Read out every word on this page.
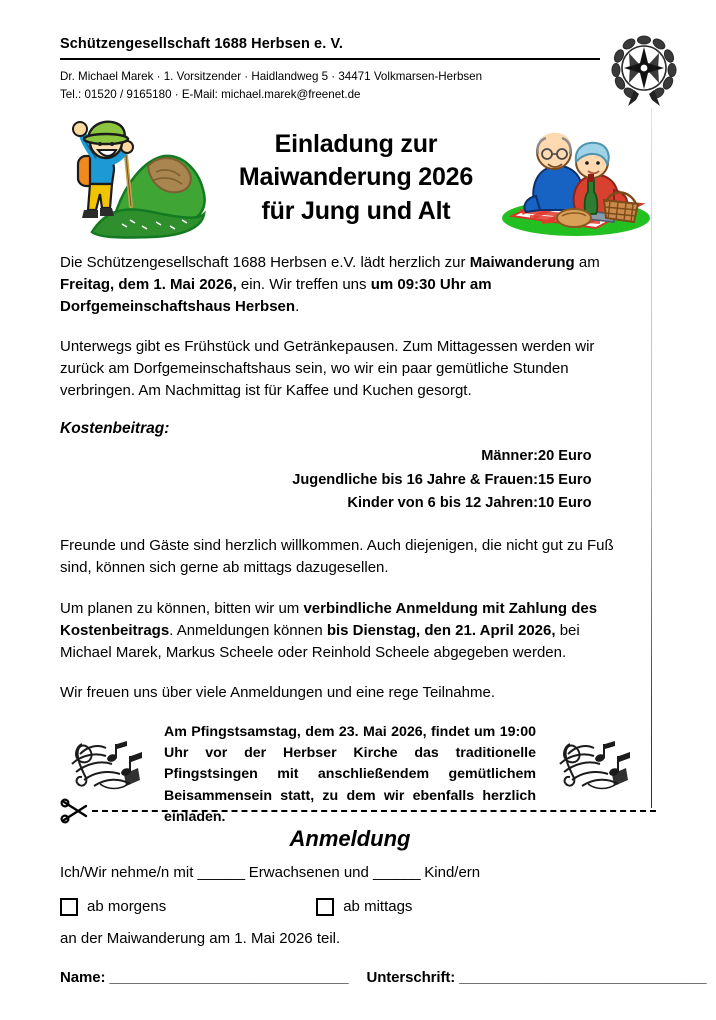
Schützengesellschaft 1688 Herbsen e. V.
Dr. Michael Marek · 1. Vorsitzender · Haidlandweg 5 · 34471 Volkmarsen-Herbsen
Tel.: 01520 / 9165180 · E-Mail: michael.marek@freenet.de
Einladung zur
Maiwanderung 2026
für Jung und Alt

Die Schützengesellschaft 1688 Herbsen e.V. lädt herzlich zur Maiwanderung am Freitag, dem 1. Mai 2026, ein. Wir treffen uns um 09:30 Uhr am Dorfgemeinschaftshaus Herbsen.

Unterwegs gibt es Frühstück und Getränkepausen. Zum Mittagessen werden wir zurück am Dorfgemeinschaftshaus sein, wo wir ein paar gemütliche Stunden verbringen. Am Nachmittag ist für Kaffee und Kuchen gesorgt.

Kostenbeitrag:
Männer:	20 Euro
Jugendliche bis 16 Jahre & Frauen:	15 Euro
Kinder von 6 bis 12 Jahren:	10 Euro

Freunde und Gäste sind herzlich willkommen. Auch diejenigen, die nicht gut zu Fuß sind, können sich gerne ab mittags dazugesellen.

Um planen zu können, bitten wir um verbindliche Anmeldung mit Zahlung des Kostenbeitrags. Anmeldungen können bis Dienstag, den 21. April 2026, bei Michael Marek, Markus Scheele oder Reinhold Scheele abgegeben werden.

Wir freuen uns über viele Anmeldungen und eine rege Teilnahme.

Am Pfingstsamstag, dem 23. Mai 2026, findet um 19:00 Uhr vor der Herbser Kirche das traditionelle Pfingstsingen mit anschließendem gemütlichem Beisammensein statt, zu dem wir ebenfalls herzlich einladen.
Anmeldung
Ich/Wir nehme/n mit ______ Erwachsenen und ______ Kind/ern
ab morgens	ab mittags
an der Maiwanderung am 1. Mai 2026 teil.
Name: _____________________________ Unterschrift: ______________________________
